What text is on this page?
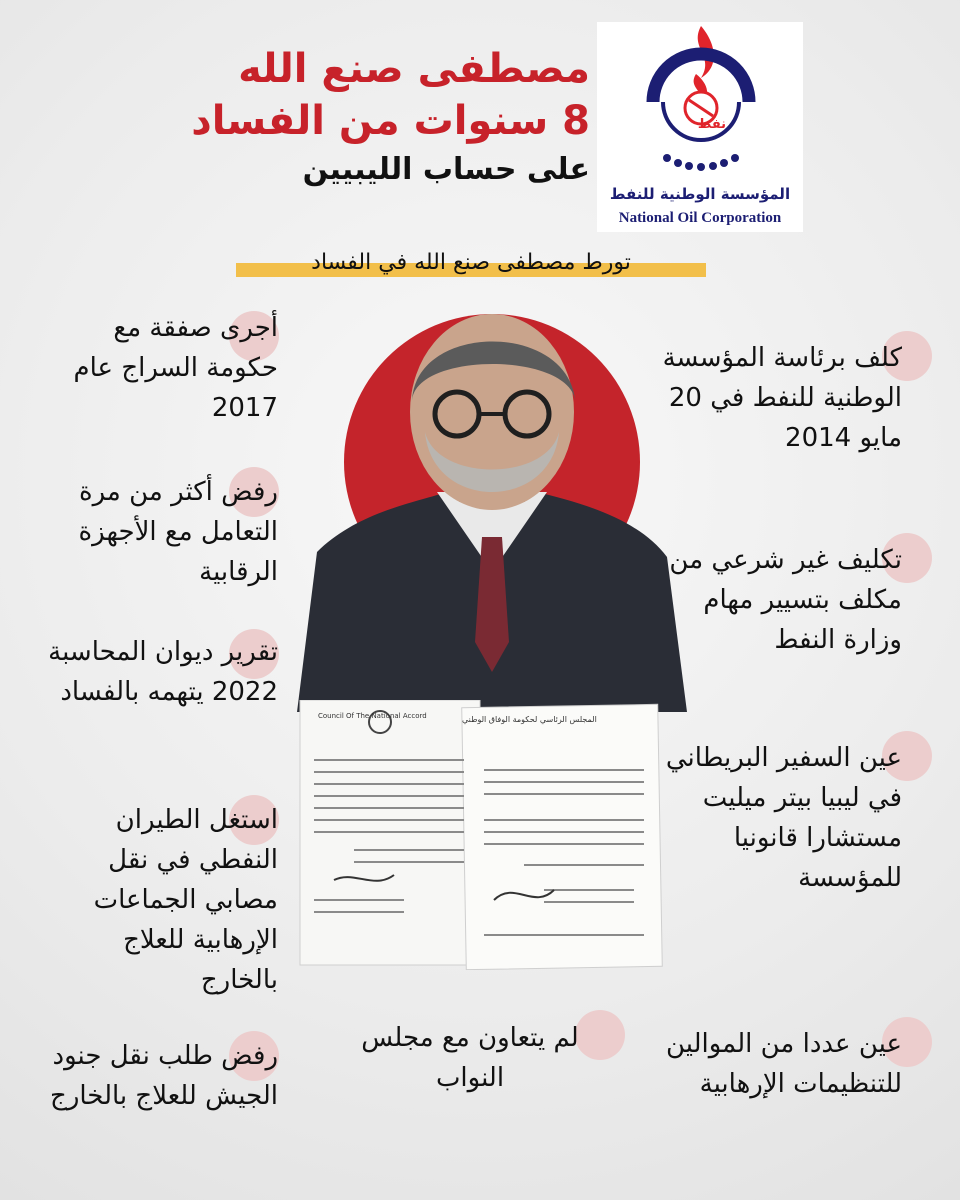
مصطفى صنع الله
8 سنوات من الفساد
على حساب الليبيين
نفط
المؤسسة الوطنية للنفط
National Oil Corporation
تورط مصطفى صنع الله في الفساد
Council Of The National Accord	المجلس الرئاسي لحكومة الوفاق الوطني
أجرى صفقة مع حكومة السراج عام 2017
رفض أكثر من مرة التعامل مع الأجهزة الرقابية
تقرير ديوان المحاسبة 2022 يتهمه بالفساد
استغل الطيران النفطي في نقل مصابي الجماعات الإرهابية للعلاج بالخارج
رفض طلب نقل جنود الجيش للعلاج بالخارج
كلف برئاسة المؤسسة الوطنية للنفط في 20 مايو 2014
تكليف غير شرعي من مكلف بتسيير مهام وزارة النفط
عين السفير البريطاني في ليبيا بيتر ميليت مستشارا قانونيا للمؤسسة
عين عددا من الموالين للتنظيمات الإرهابية
لم يتعاون مع مجلس النواب
